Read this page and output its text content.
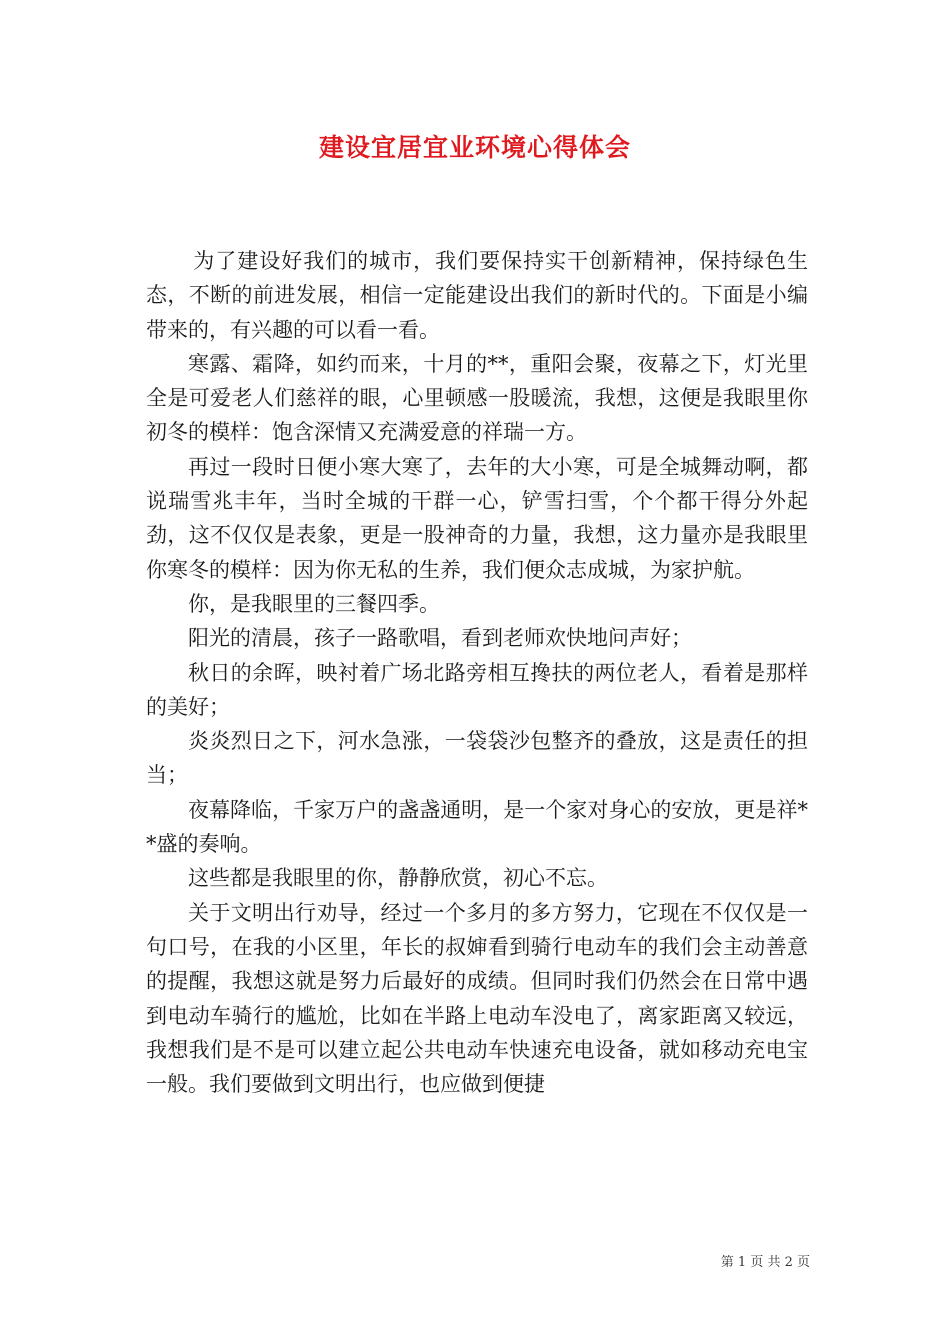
建设宜居宜业环境心得体会

为了建设好我们的城市，我们要保持实干创新精神，保持绿色生态，不断的前进发展，相信一定能建设出我们的新时代的。下面是小编带来的，有兴趣的可以看一看。

寒露、霜降，如约而来，十月的**，重阳会聚，夜幕之下，灯光里全是可爱老人们慈祥的眼，心里顿感一股暖流，我想，这便是我眼里你初冬的模样：饱含深情又充满爱意的祥瑞一方。

再过一段时日便小寒大寒了，去年的大小寒，可是全城舞动啊，都说瑞雪兆丰年，当时全城的干群一心，铲雪扫雪，个个都干得分外起劲，这不仅仅是表象，更是一股神奇的力量，我想，这力量亦是我眼里你寒冬的模样：因为你无私的生养，我们便众志成城，为家护航。

你，是我眼里的三餐四季。

阳光的清晨，孩子一路歌唱，看到老师欢快地问声好；

秋日的余晖，映衬着广场北路旁相互搀扶的两位老人，看着是那样的美好；

炎炎烈日之下，河水急涨，一袋袋沙包整齐的叠放，这是责任的担当；

夜幕降临，千家万户的盏盏通明，是一个家对身心的安放，更是祥**盛的奏响。

这些都是我眼里的你，静静欣赏，初心不忘。

关于文明出行劝导，经过一个多月的多方努力，它现在不仅仅是一句口号，在我的小区里，年长的叔婶看到骑行电动车的我们会主动善意的提醒，我想这就是努力后最好的成绩。但同时我们仍然会在日常中遇到电动车骑行的尴尬，比如在半路上电动车没电了，离家距离又较远，我想我们是不是可以建立起公共电动车快速充电设备，就如移动充电宝一般。我们要做到文明出行，也应做到便捷

第 1 页 共 2 页
